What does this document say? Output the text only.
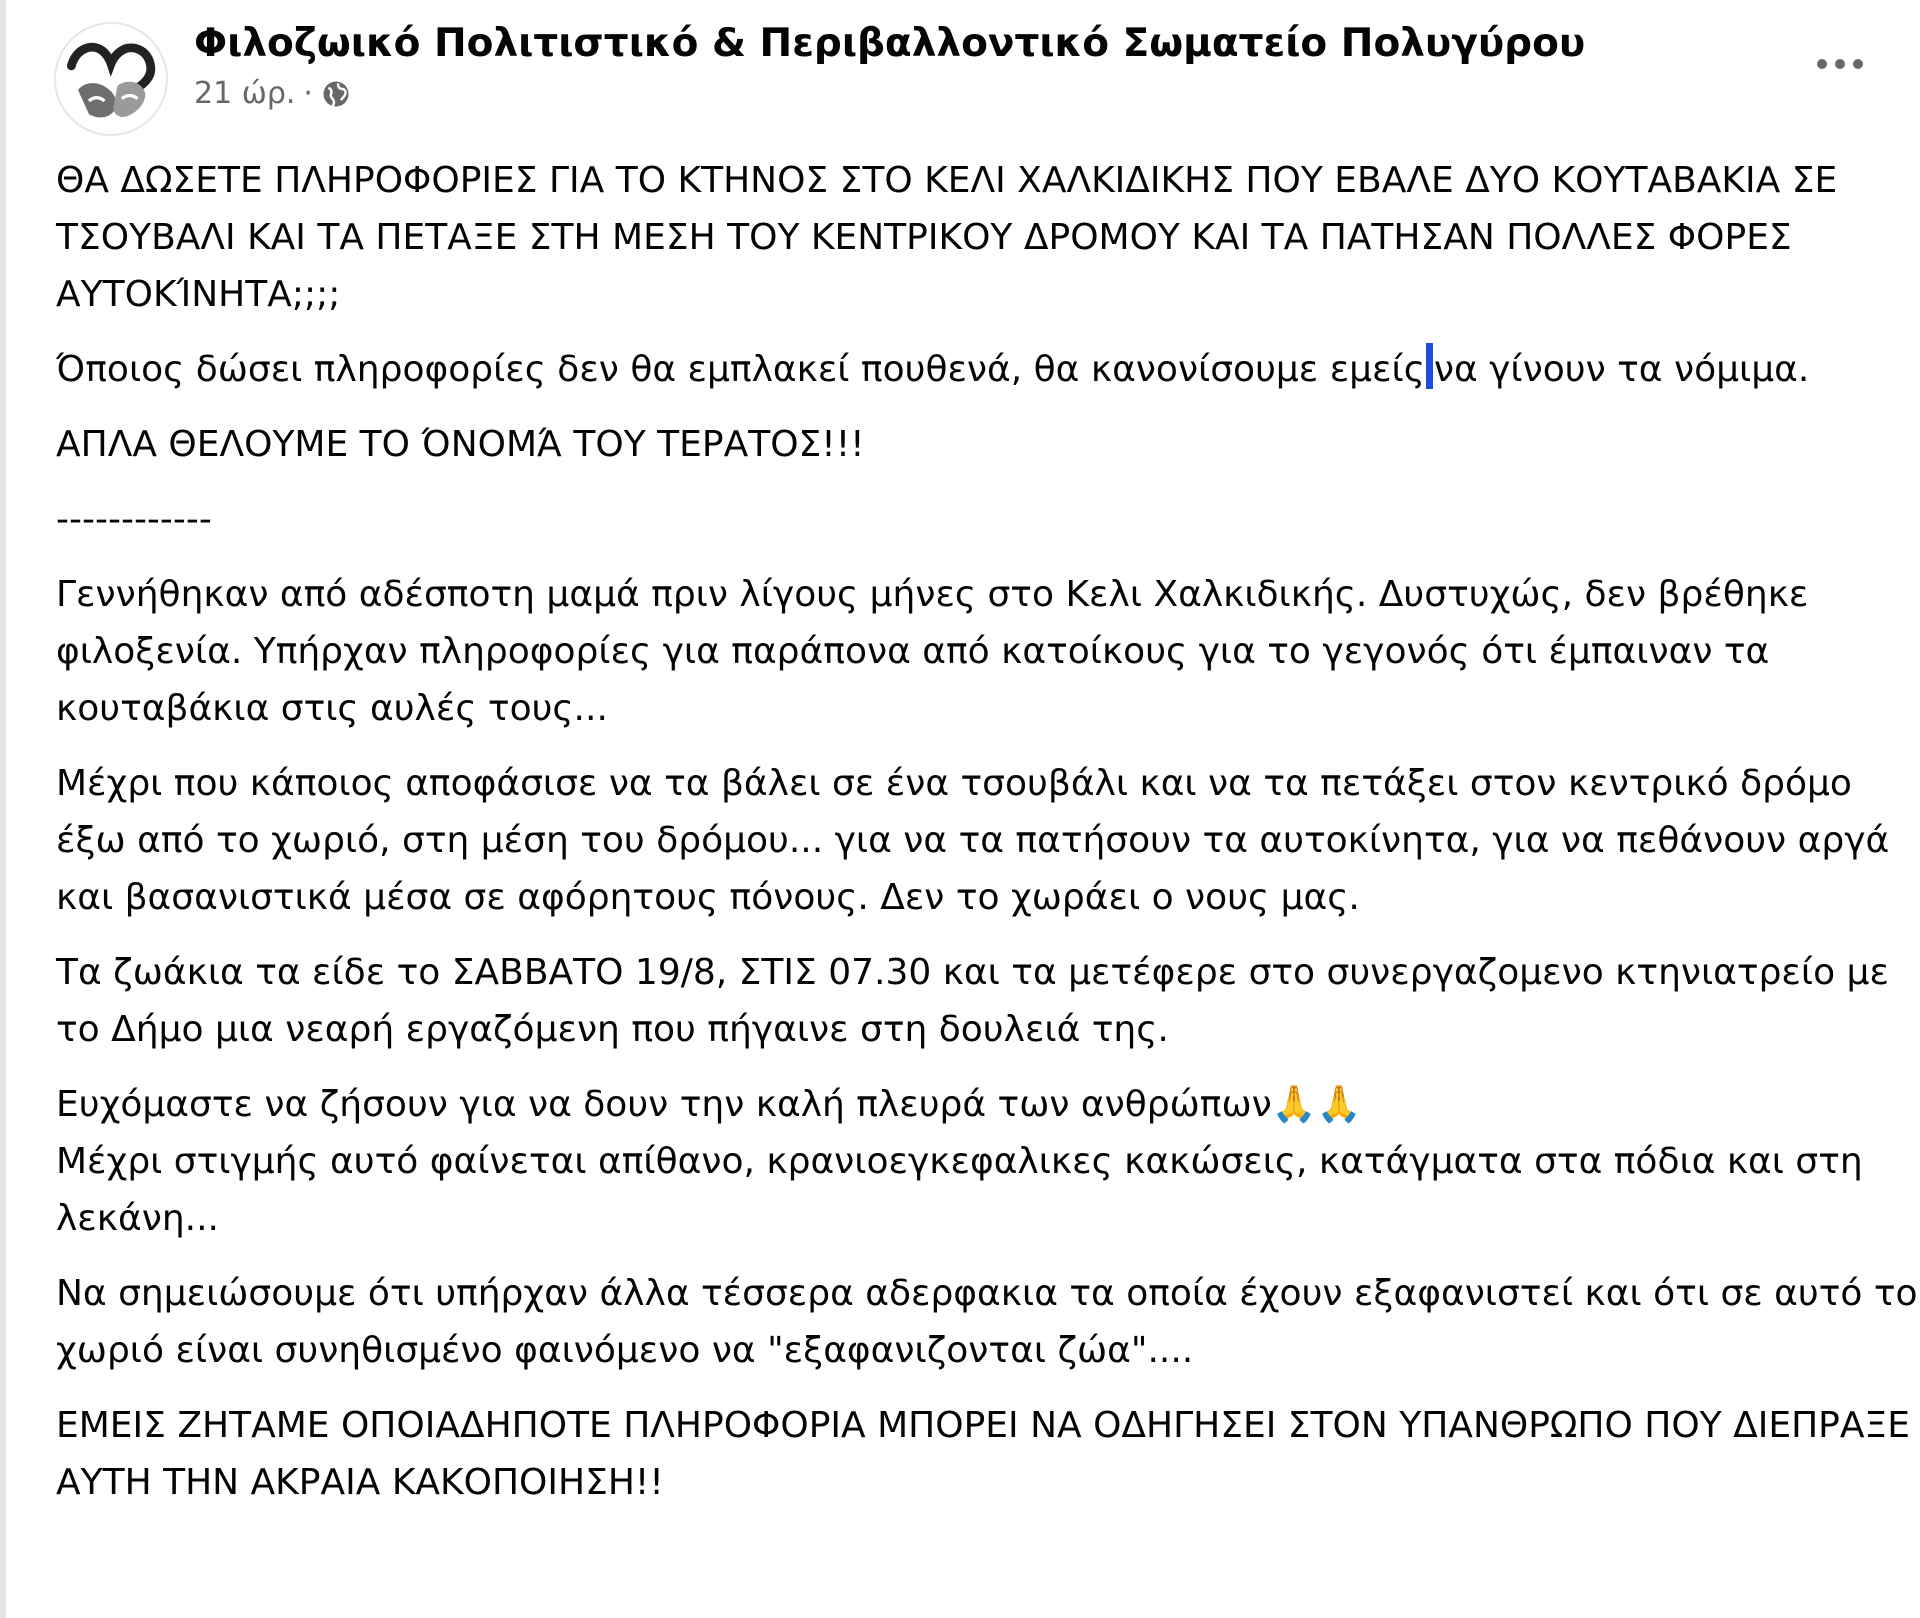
Φιλοζωικό Πολιτιστικό & Περιβαλλοντικό Σωματείο Πολυγύρου
21 ώρ. ·

ΘΑ ΔΩΣΕΤΕ ΠΛΗΡΟΦΟΡΙΕΣ ΓΙΑ ΤΟ ΚΤΗΝΟΣ ΣΤΟ ΚΕΛΙ ΧΑΛΚΙΔΙΚΗΣ ΠΟΥ ΕΒΑΛΕ ΔΥΟ ΚΟΥΤΑΒΑΚΙΑ ΣΕ ΤΣΟΥΒΑΛΙ ΚΑΙ ΤΑ ΠΕΤΑΞΕ ΣΤΗ ΜΕΣΗ ΤΟΥ ΚΕΝΤΡΙΚΟΥ ΔΡΟΜΟΥ ΚΑΙ ΤΑ ΠΑΤΗΣΑΝ ΠΟΛΛΕΣ ΦΟΡΕΣ ΑΥΤΟΚΊΝΗΤΑ;;;;

Όποιος δώσει πληροφορίες δεν θα εμπλακεί πουθενά, θα κανονίσουμε εμείς να γίνουν τα νόμιμα.

ΑΠΛΑ ΘΕΛΟΥΜΕ ΤΟ ΌΝΟΜΆ ΤΟΥ ΤΕΡΑΤΟΣ!!!

------------

Γεννήθηκαν από αδέσποτη μαμά πριν λίγους μήνες στο Κελι Χαλκιδικής. Δυστυχώς, δεν βρέθηκε φιλοξενία. Υπήρχαν πληροφορίες για παράπονα από κατοίκους για το γεγονός ότι έμπαιναν τα κουταβάκια στις αυλές τους...

Μέχρι που κάποιος αποφάσισε να τα βάλει σε ένα τσουβάλι και να τα πετάξει στον κεντρικό δρόμο έξω από το χωριό, στη μέση του δρόμου... για να τα πατήσουν τα αυτοκίνητα, για να πεθάνουν αργά και βασανιστικά μέσα σε αφόρητους πόνους. Δεν το χωράει ο νους μας.

Τα ζωάκια τα είδε το ΣΑΒΒΑΤΟ 19/8, ΣΤΙΣ 07.30 και τα μετέφερε στο συνεργαζομενο κτηνιατρείο με το Δήμο μια νεαρή εργαζόμενη που πήγαινε στη δουλειά της.

Ευχόμαστε να ζήσουν για να δουν την καλή πλευρά των ανθρώπων🙏🙏
Μέχρι στιγμής αυτό φαίνεται απίθανο, κρανιοεγκεφαλικες κακώσεις, κατάγματα στα πόδια και στη λεκάνη...

Να σημειώσουμε ότι υπήρχαν άλλα τέσσερα αδερφακια τα οποία έχουν εξαφανιστεί και ότι σε αυτό το χωριό είναι συνηθισμένο φαινόμενο να "εξαφανιζονται ζώα"....

ΕΜΕΙΣ ΖΗΤΑΜΕ ΟΠΟΙΑΔΗΠΟΤΕ ΠΛΗΡΟΦΟΡΙΑ ΜΠΟΡΕΙ ΝΑ ΟΔΗΓΗΣΕΙ ΣΤΟΝ ΥΠΑΝΘΡΩΠΟ ΠΟΥ ΔΙΕΠΡΑΞΕ ΑΥΤΗ ΤΗΝ ΑΚΡΑΙΑ ΚΑΚΟΠΟΙΗΣΗ!!
